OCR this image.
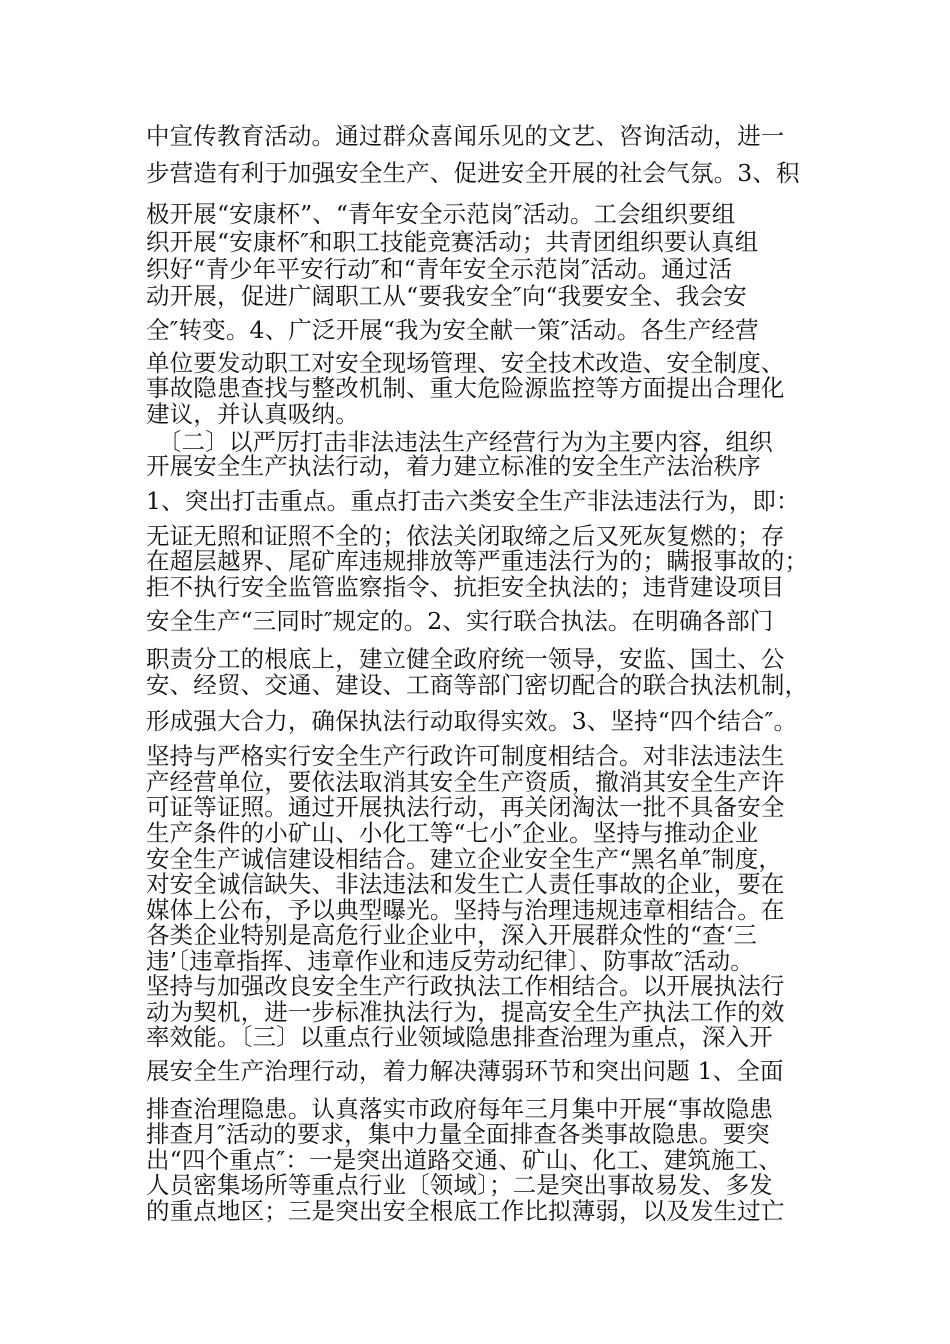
中宣传教育活动。通过群众喜闻乐见的文艺、咨询活动，进一
步营造有利于加强安全生产、促进安全开展的社会气氛。3、积
极开展“安康杯”、“青年安全示范岗″活动。工会组织要组
织开展“安康杯″和职工技能竞赛活动；共青团组织要认真组
织好“青少年平安行动″和“青年安全示范岗″活动。通过活
动开展，促进广阔职工从“要我安全″向“我要安全、我会安
全″转变。4、广泛开展“我为安全献一策″活动。各生产经营
单位要发动职工对安全现场管理、安全技术改造、安全制度、
事故隐患查找与整改机制、重大危险源监控等方面提出合理化
建议，并认真吸纳。
　〔二〕以严厉打击非法违法生产经营行为为主要内容，组织
开展安全生产执法行动，着力建立标准的安全生产法治秩序
1、突出打击重点。重点打击六类安全生产非法违法行为，即：
无证无照和证照不全的；依法关闭取缔之后又死灰复燃的；存
在超层越界、尾矿库违规排放等严重违法行为的；瞒报事故的；
拒不执行安全监管监察指令、抗拒安全执法的；违背建设项目
安全生产“三同时″规定的。2、实行联合执法。在明确各部门
职责分工的根底上，建立健全政府统一领导，安监、国土、公
安、经贸、交通、建设、工商等部门密切配合的联合执法机制，
形成强大合力，确保执法行动取得实效。3、坚持“四个结合″。
坚持与严格实行安全生产行政许可制度相结合。对非法违法生
产经营单位，要依法取消其安全生产资质，撤消其安全生产许
可证等证照。通过开展执法行动，再关闭淘汰一批不具备安全
生产条件的小矿山、小化工等“七小″企业。坚持与推动企业
安全生产诚信建设相结合。建立企业安全生产“黑名单″制度，
对安全诚信缺失、非法违法和发生亡人责任事故的企业，要在
媒体上公布，予以典型曝光。坚持与治理违规违章相结合。在
各类企业特别是高危行业企业中，深入开展群众性的“查‘三
违’〔违章指挥、违章作业和违反劳动纪律〕、防事故″活动。
坚持与加强改良安全生产行政执法工作相结合。以开展执法行
动为契机，进一步标准执法行为，提高安全生产执法工作的效
率效能。〔三〕以重点行业领域隐患排查治理为重点，深入开
展安全生产治理行动，着力解决薄弱环节和突出问题 1、全面
排查治理隐患。认真落实市政府每年三月集中开展“事故隐患
排查月″活动的要求，集中力量全面排查各类事故隐患。要突
出“四个重点″：一是突出道路交通、矿山、化工、建筑施工、
人员密集场所等重点行业〔领域〕；二是突出事故易发、多发
的重点地区；三是突出安全根底工作比拟薄弱，以及发生过亡
